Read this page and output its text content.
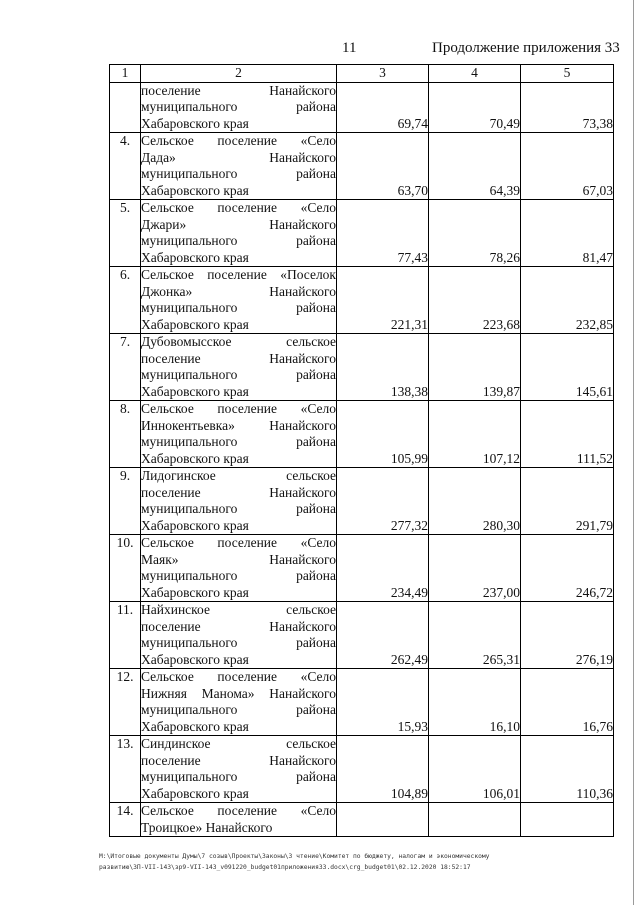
11	Продолжение приложения 33
1	2	3	4	5

	поселение Нанайского
муниципального района
Хабаровского края	69,74	70,49	73,38
4.	Сельское поселение «Село
Дада» Нанайского
муниципального района
Хабаровского края	63,70	64,39	67,03
5.	Сельское поселение «Село
Джари» Нанайского
муниципального района
Хабаровского края	77,43	78,26	81,47
6.	Сельское поселение «Поселок
Джонка» Нанайского
муниципального района
Хабаровского края	221,31	223,68	232,85
7.	Дубовомысское сельское
поселение Нанайского
муниципального района
Хабаровского края	138,38	139,87	145,61
8.	Сельское поселение «Село
Иннокентьевка» Нанайского
муниципального района
Хабаровского края	105,99	107,12	111,52
9.	Лидогинское сельское
поселение Нанайского
муниципального района
Хабаровского края	277,32	280,30	291,79
10.	Сельское поселение «Село
Маяк» Нанайского
муниципального района
Хабаровского края	234,49	237,00	246,72
11.	Найхинское сельское
поселение Нанайского
муниципального района
Хабаровского края	262,49	265,31	276,19
12.	Сельское поселение «Село
Нижняя Манома» Нанайского
муниципального района
Хабаровского края	15,93	16,10	16,76
13.	Синдинское сельское
поселение Нанайского
муниципального района
Хабаровского края	104,89	106,01	110,36
14.	Сельское поселение «Село
Троицкое» Нанайского			

M:\Итоговые документы Думы\7 созыв\Проекты\Законы\3 чтение\Комитет по бюджету, налогам и экономическому
развитию\3П-VII-143\зр9-VII-143_v091220_budget01приложения33.docx\crg_budget01\02.12.2020 18:52:17
